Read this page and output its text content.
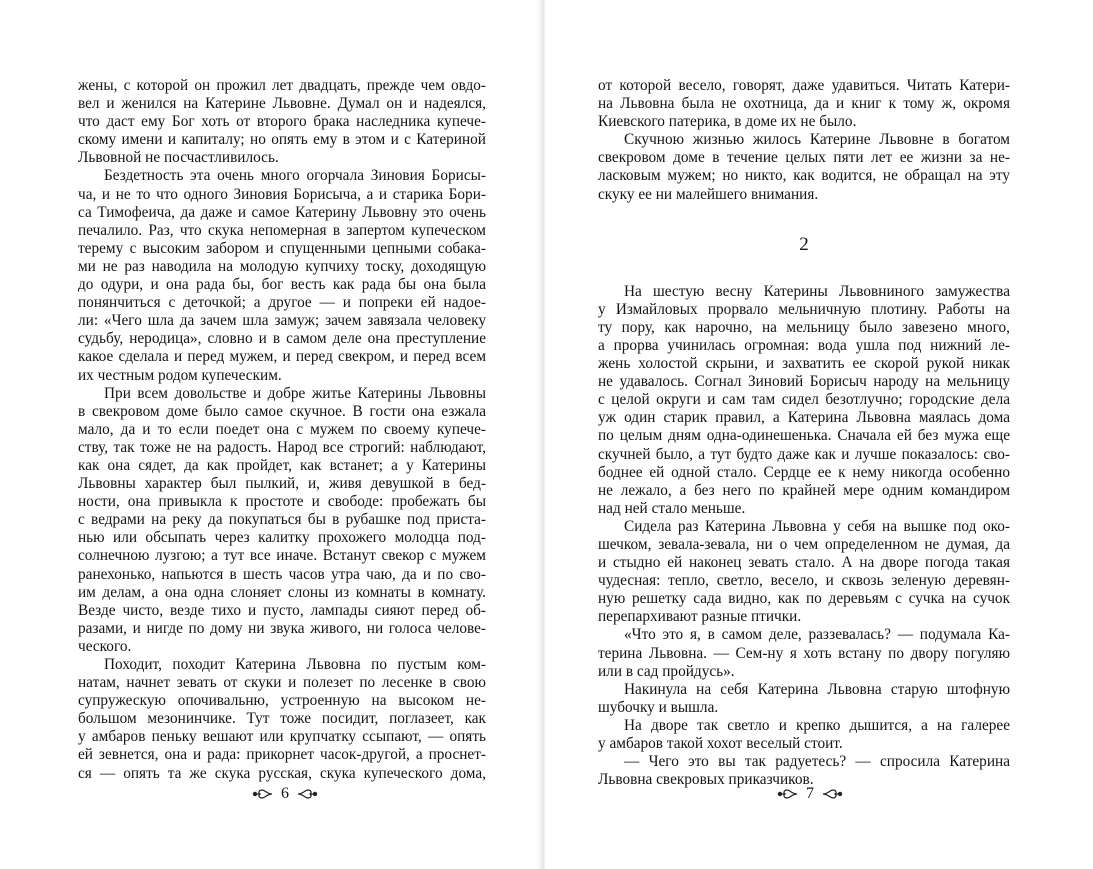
жены, с которой он прожил лет двадцать, прежде чем овдо-

вел и женился на Катерине Львовне. Думал он и надеялся,

что даст ему Бог хоть от второго брака наследника купече-

скому имени и капиталу; но опять ему в этом и с Катериной

Львовной не посчастливилось.

Бездетность эта очень много огорчала Зиновия Борисы-

ча, и не то что одного Зиновия Борисыча, а и старика Бори-

са Тимофеича, да даже и самое Катерину Львовну это очень

печалило. Раз, что скука непомерная в запертом купеческом

терему с высоким забором и спущенными цепными собака-

ми не раз наводила на молодую купчиху тоску, доходящую

до одури, и она рада бы, бог весть как рада бы она была

понянчиться с деточкой; а другое — и попреки ей надое-

ли: «Чего шла да зачем шла замуж; зачем завязала человеку

судьбу, неродица», словно и в самом деле она преступление

какое сделала и перед мужем, и перед свекром, и перед всем

их честным родом купеческим.

При всем довольстве и добре житье Катерины Львовны

в свекровом доме было самое скучное. В гости она езжала

мало, да и то если поедет она с мужем по своему купече-

ству, так тоже не на радость. Народ все строгий: наблюдают,

как она сядет, да как пройдет, как встанет; а у Катерины

Львовны характер был пылкий, и, живя девушкой в бед-

ности, она привыкла к простоте и свободе: пробежать бы

с ведрами на реку да покупаться бы в рубашке под приста-

нью или обсыпать через калитку прохожего молодца под-

солнечною лузгою; а тут все иначе. Встанут свекор с мужем

ранехонько, напьются в шесть часов утра чаю, да и по сво-

им делам, а она одна слоняет слоны из комнаты в комнату.

Везде чисто, везде тихо и пусто, лампады сияют перед об-

разами, и нигде по дому ни звука живого, ни голоса челове-

ческого.

Походит, походит Катерина Львовна по пустым ком-

натам, начнет зевать от скуки и полезет по лесенке в свою

супружескую опочивальню, устроенную на высоком не-

большом мезонинчике. Тут тоже посидит, поглазеет, как

у амбаров пеньку вешают или крупчатку ссыпают, — опять

ей зевнется, она и рада: прикорнет часок-другой, а проснет-

ся — опять та же скука русская, скука купеческого дома,

6

от которой весело, говорят, даже удавиться. Читать Катери-

на Львовна была не охотница, да и книг к тому ж, окромя

Киевского патерика, в доме их не было.

Скучною жизнью жилось Катерине Львовне в богатом

свекровом доме в течение целых пяти лет ее жизни за не-

ласковым мужем; но никто, как водится, не обращал на эту

скуку ее ни малейшего внимания.

2

На шестую весну Катерины Львовниного замужества

у Измайловых прорвало мельничную плотину. Работы на

ту пору, как нарочно, на мельницу было завезено много,

а прорва учинилась огромная: вода ушла под нижний ле-

жень холостой скрыни, и захватить ее скорой рукой никак

не удавалось. Согнал Зиновий Борисыч народу на мельницу

с целой округи и сам там сидел безотлучно; городские дела

уж один старик правил, а Катерина Львовна маялась дома

по целым дням одна-одинешенька. Сначала ей без мужа еще

скучней было, а тут будто даже как и лучше показалось: сво-

боднее ей одной стало. Сердце ее к нему никогда особенно

не лежало, а без него по крайней мере одним командиром

над ней стало меньше.

Сидела раз Катерина Львовна у себя на вышке под око-

шечком, зевала-зевала, ни о чем определенном не думая, да

и стыдно ей наконец зевать стало. А на дворе погода такая

чудесная: тепло, светло, весело, и сквозь зеленую деревян-

ную решетку сада видно, как по деревьям с сучка на сучок

перепархивают разные птички.

«Что это я, в самом деле, раззевалась? — подумала Ка-

терина Львовна. — Сем-ну я хоть встану по двору погуляю

или в сад пройдусь».

Накинула на себя Катерина Львовна старую штофную

шубочку и вышла.

На дворе так светло и крепко дышится, а на галерее

у амбаров такой хохот веселый стоит.

— Чего это вы так радуетесь? — спросила Катерина

Львовна свекровых приказчиков.

7
